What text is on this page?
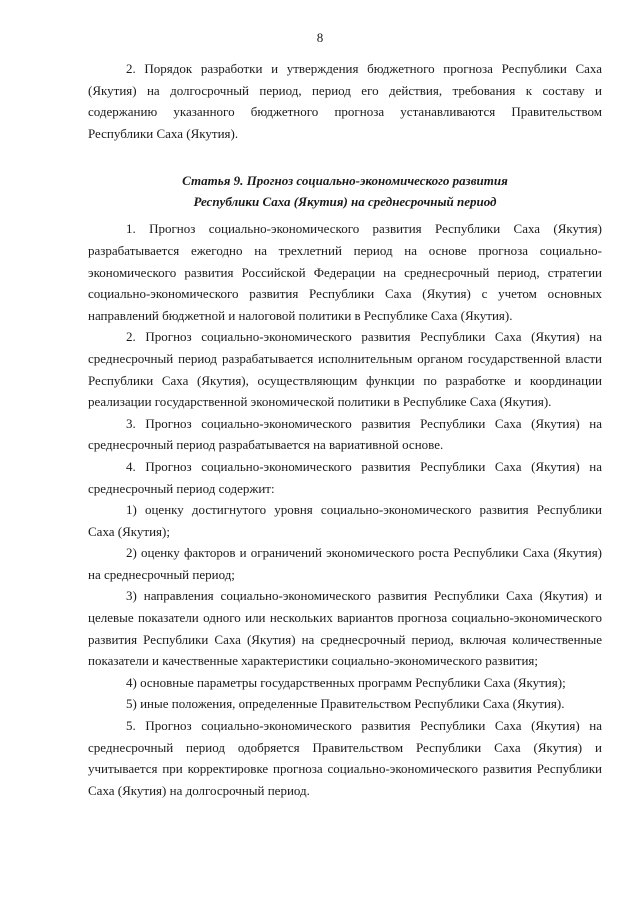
8

2. Порядок разработки и утверждения бюджетного прогноза Республики Саха (Якутия) на долгосрочный период, период его действия, требования к составу и содержанию указанного бюджетного прогноза устанавливаются Правительством Республики Саха (Якутия).

Статья 9. Прогноз социально-экономического развития
Республики Саха (Якутия) на среднесрочный период

1. Прогноз социально-экономического развития Республики Саха (Якутия) разрабатывается ежегодно на трехлетний период на основе прогноза социально-экономического развития Российской Федерации на среднесрочный период, стратегии социально-экономического развития Республики Саха (Якутия) с учетом основных направлений бюджетной и налоговой политики в Республике Саха (Якутия).

2. Прогноз социально-экономического развития Республики Саха (Якутия) на среднесрочный период разрабатывается исполнительным органом государственной власти Республики Саха (Якутия), осуществляющим функции по разработке и координации реализации государственной экономической политики в Республике Саха (Якутия).

3. Прогноз социально-экономического развития Республики Саха (Якутия) на среднесрочный период разрабатывается на вариативной основе.

4. Прогноз социально-экономического развития Республики Саха (Якутия) на среднесрочный период содержит:

1) оценку достигнутого уровня социально-экономического развития Республики Саха (Якутия);

2) оценку факторов и ограничений экономического роста Республики Саха (Якутия) на среднесрочный период;

3) направления социально-экономического развития Республики Саха (Якутия) и целевые показатели одного или нескольких вариантов прогноза социально-экономического развития Республики Саха (Якутия) на среднесрочный период, включая количественные показатели и качественные характеристики социально-экономического развития;

4) основные параметры государственных программ Республики Саха (Якутия);

5) иные положения, определенные Правительством Республики Саха (Якутия).

5. Прогноз социально-экономического развития Республики Саха (Якутия) на среднесрочный период одобряется Правительством Республики Саха (Якутия) и учитывается при корректировке прогноза социально-экономического развития Республики Саха (Якутия) на долгосрочный период.
